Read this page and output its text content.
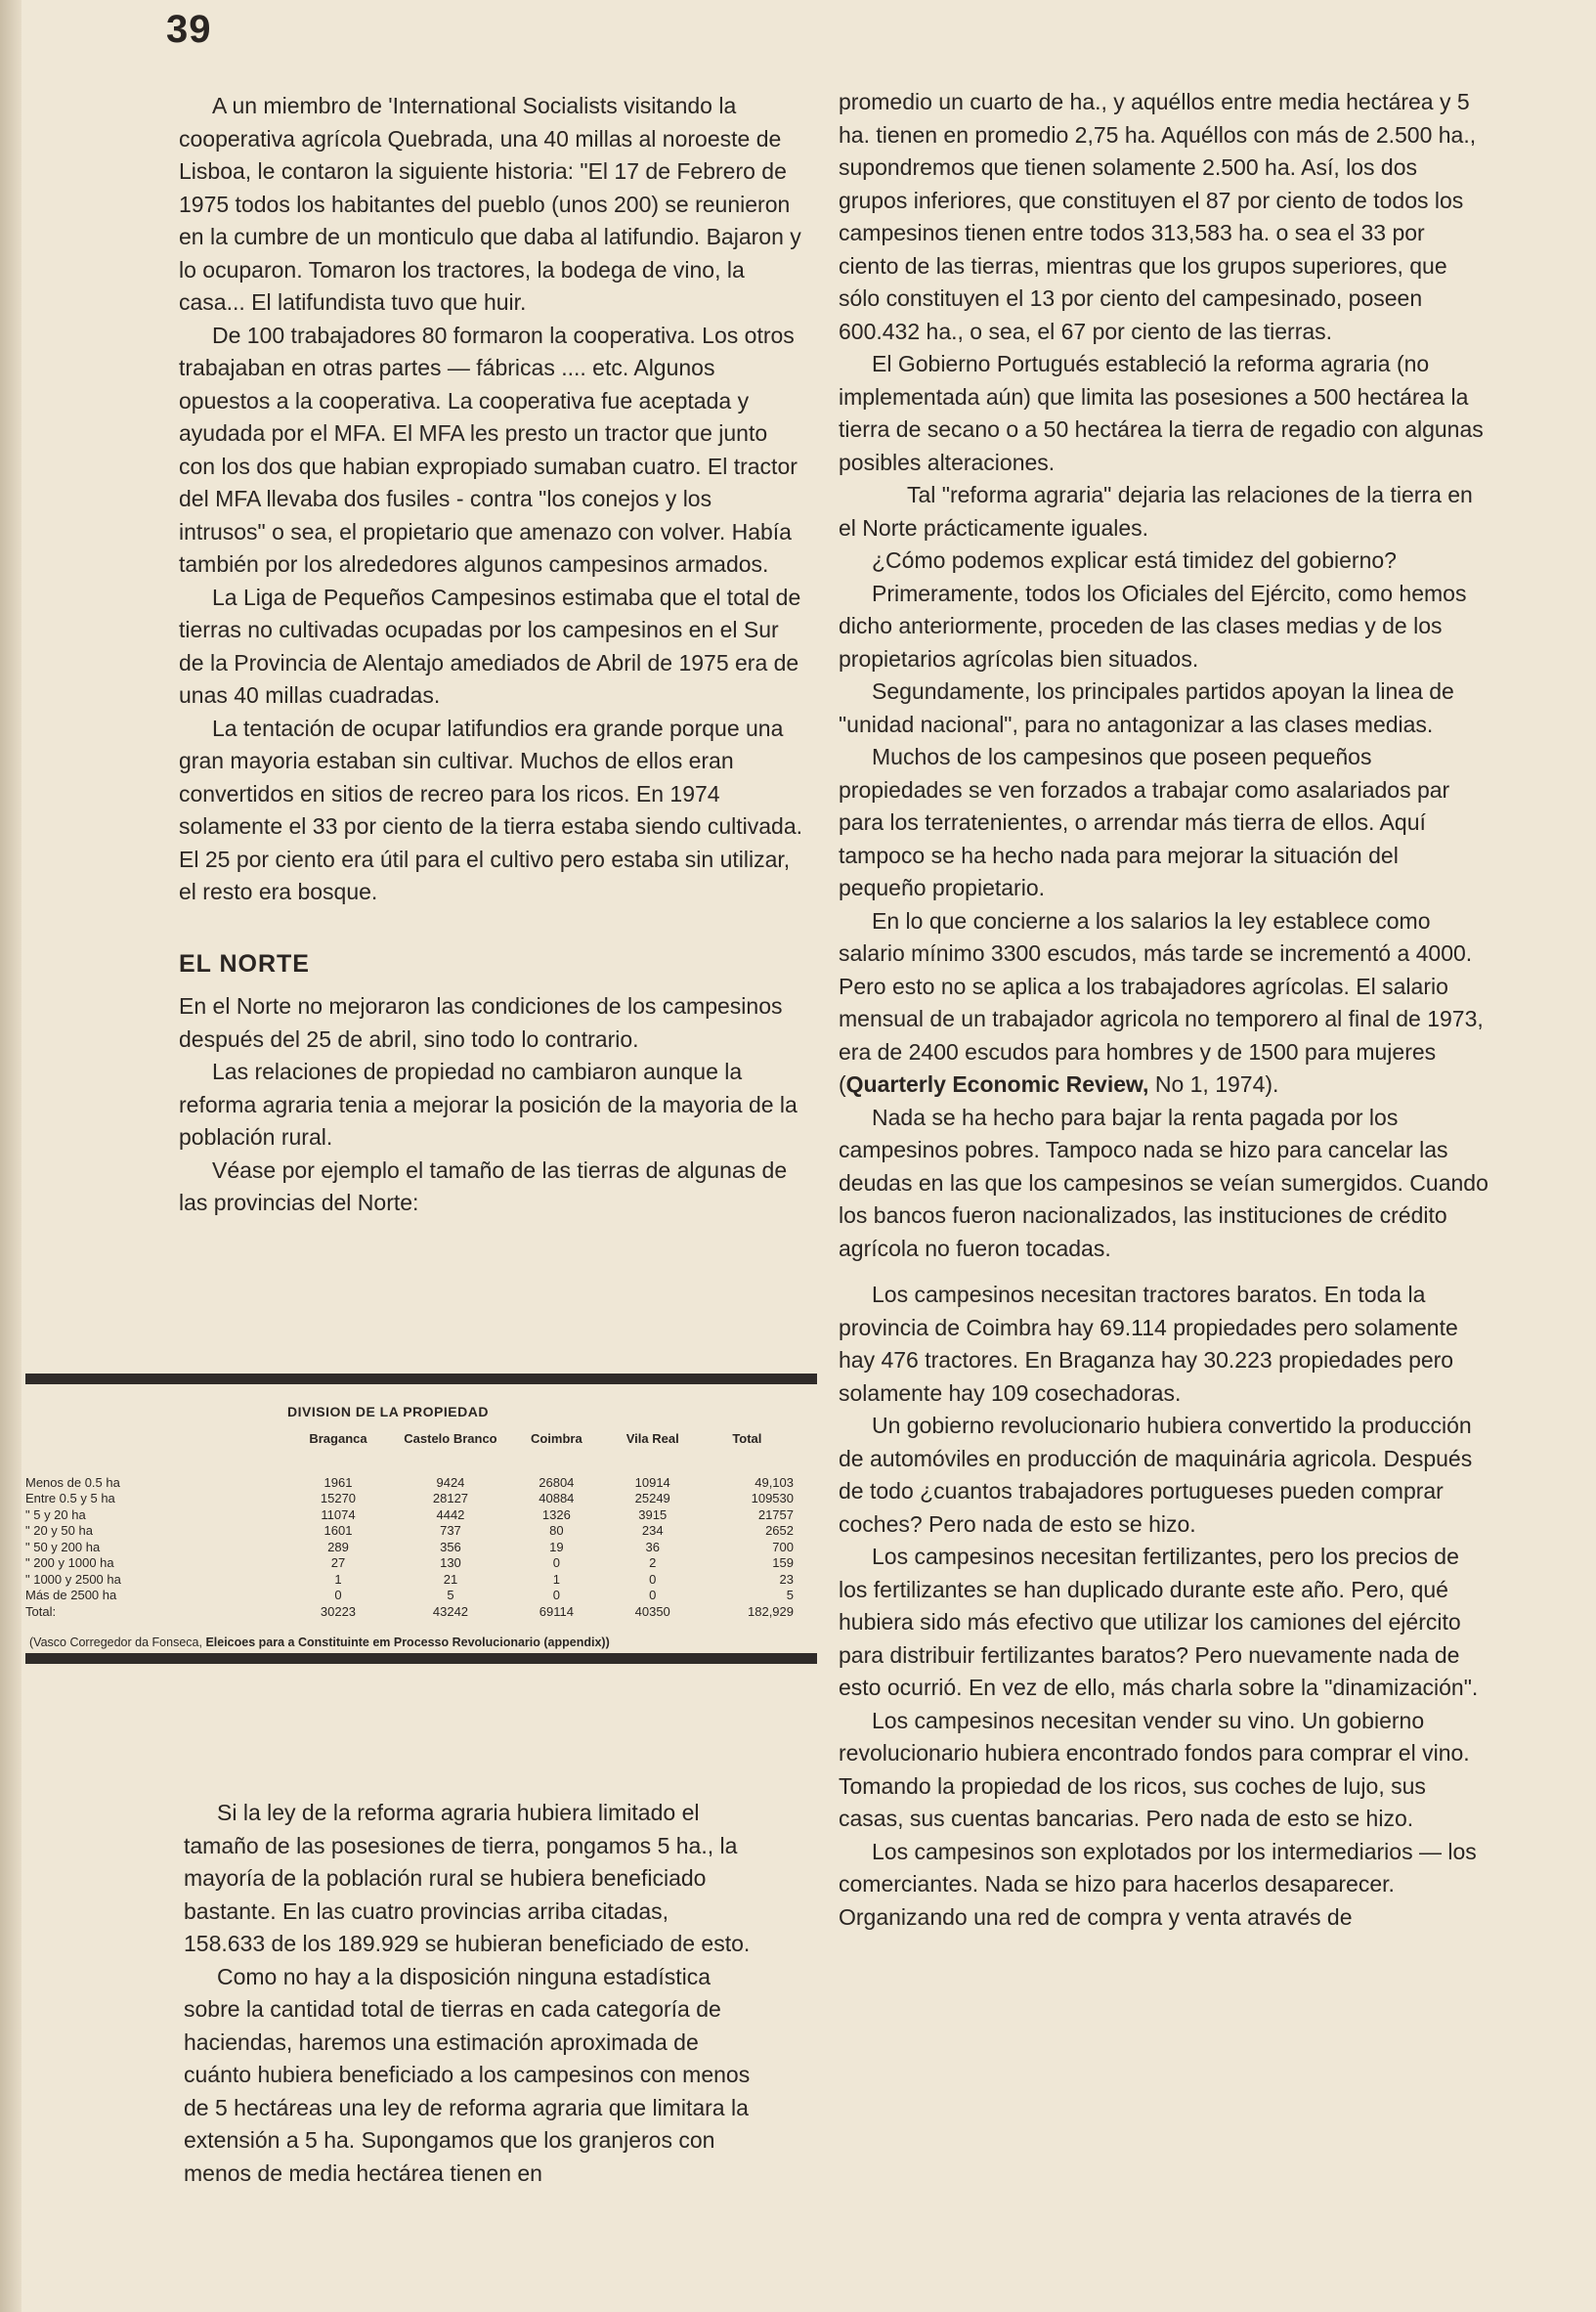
39

A un miembro de 'International Socialists visitando la cooperativa agrícola Quebrada, una 40 millas al noroeste de Lisboa, le contaron la siguiente historia: "El 17 de Febrero de 1975 todos los habitantes del pueblo (unos 200) se reunieron en la cumbre de un monticulo que daba al latifundio. Bajaron y lo ocuparon. Tomaron los tractores, la bodega de vino, la casa... El latifundista tuvo que huir.

De 100 trabajadores 80 formaron la cooperativa. Los otros trabajaban en otras partes — fábricas .... etc. Algunos opuestos a la cooperativa. La cooperativa fue aceptada y ayudada por el MFA. El MFA les presto un tractor que junto con los dos que habian expropiado sumaban cuatro. El tractor del MFA llevaba dos fusiles - contra "los conejos y los intrusos" o sea, el propietario que amenazo con volver. Había también por los alrededores algunos campesinos armados.

La Liga de Pequeños Campesinos estimaba que el total de tierras no cultivadas ocupadas por los campesinos en el Sur de la Provincia de Alentajo amediados de Abril de 1975 era de unas 40 millas cuadradas.

La tentación de ocupar latifundios era grande porque una gran mayoria estaban sin cultivar. Muchos de ellos eran convertidos en sitios de recreo para los ricos. En 1974 solamente el 33 por ciento de la tierra estaba siendo cultivada. El 25 por ciento era útil para el cultivo pero estaba sin utilizar, el resto era bosque.

EL NORTE

En el Norte no mejoraron las condiciones de los campesinos después del 25 de abril, sino todo lo contrario.

Las relaciones de propiedad no cambiaron aunque la reforma agraria tenia a mejorar la posición de la mayoria de la población rural.

Véase por ejemplo el tamaño de las tierras de algunas de las provincias del Norte:

DIVISION DE LA PROPIEDAD
	Braganca	Castelo Branco	Coimbra	Vila Real	Total
Menos de 0.5 ha	1961	9424	26804	10914	49,103
Entre 0.5 y 5 ha	15270	28127	40884	25249	109530
" 5 y 20 ha	11074	4442	1326	3915	21757
" 20 y 50 ha	1601	737	80	234	2652
" 50 y 200 ha	289	356	19	36	700
" 200 y 1000 ha	27	130	0	2	159
" 1000 y 2500 ha	1	21	1	0	23
Más de 2500 ha	0	5	0	0	5
Total:	30223	43242	69114	40350	182,929
(Vasco Corregedor da Fonseca, Eleicoes para a Constituinte em Processo Revolucionario (appendix))

Si la ley de la reforma agraria hubiera limitado el tamaño de las posesiones de tierra, pongamos 5 ha., la mayoría de la población rural se hubiera beneficiado bastante. En las cuatro provincias arriba citadas, 158.633 de los 189.929 se hubieran beneficiado de esto.

Como no hay a la disposición ninguna estadística sobre la cantidad total de tierras en cada categoría de haciendas, haremos una estimación aproximada de cuánto hubiera beneficiado a los campesinos con menos de 5 hectáreas una ley de reforma agraria que limitara la extensión a 5 ha. Supongamos que los granjeros con menos de media hectárea tienen en

promedio un cuarto de ha., y aquéllos entre media hectárea y 5 ha. tienen en promedio 2,75 ha. Aquéllos con más de 2.500 ha., supondremos que tienen solamente 2.500 ha. Así, los dos grupos inferiores, que constituyen el 87 por ciento de todos los campesinos tienen entre todos 313,583 ha. o sea el 33 por ciento de las tierras, mientras que los grupos superiores, que sólo constituyen el 13 por ciento del campesinado, poseen 600.432 ha., o sea, el 67 por ciento de las tierras.

El Gobierno Portugués estableció la reforma agraria (no implementada aún) que limita las posesiones a 500 hectárea la tierra de secano o a 50 hectárea la tierra de regadio con algunas posibles alteraciones.

Tal "reforma agraria" dejaria las relaciones de la tierra en el Norte prácticamente iguales.

¿Cómo podemos explicar está timidez del gobierno?

Primeramente, todos los Oficiales del Ejército, como hemos dicho anteriormente, proceden de las clases medias y de los propietarios agrícolas bien situados.

Segundamente, los principales partidos apoyan la linea de "unidad nacional", para no antagonizar a las clases medias.

Muchos de los campesinos que poseen pequeños propiedades se ven forzados a trabajar como asalariados par para los terratenientes, o arrendar más tierra de ellos. Aquí tampoco se ha hecho nada para mejorar la situación del pequeño propietario.

En lo que concierne a los salarios la ley establece como salario mínimo 3300 escudos, más tarde se incrementó a 4000. Pero esto no se aplica a los trabajadores agrícolas. El salario mensual de un trabajador agricola no temporero al final de 1973, era de 2400 escudos para hombres y de 1500 para mujeres (Quarterly Economic Review, No 1, 1974).

Nada se ha hecho para bajar la renta pagada por los campesinos pobres. Tampoco nada se hizo para cancelar las deudas en las que los campesinos se veían sumergidos. Cuando los bancos fueron nacionalizados, las instituciones de crédito agrícola no fueron tocadas.

Los campesinos necesitan tractores baratos. En toda la provincia de Coimbra hay 69.114 propiedades pero solamente hay 476 tractores. En Braganza hay 30.223 propiedades pero solamente hay 109 cosechadoras.

Un gobierno revolucionario hubiera convertido la producción de automóviles en producción de maquinária agricola. Después de todo ¿cuantos trabajadores portugueses pueden comprar coches? Pero nada de esto se hizo.

Los campesinos necesitan fertilizantes, pero los precios de los fertilizantes se han duplicado durante este año. Pero, qué hubiera sido más efectivo que utilizar los camiones del ejército para distribuir fertilizantes baratos? Pero nuevamente nada de esto ocurrió. En vez de ello, más charla sobre la "dinamización".

Los campesinos necesitan vender su vino. Un gobierno revolucionario hubiera encontrado fondos para comprar el vino. Tomando la propiedad de los ricos, sus coches de lujo, sus casas, sus cuentas bancarias. Pero nada de esto se hizo.

Los campesinos son explotados por los intermediarios — los comerciantes. Nada se hizo para hacerlos desaparecer. Organizando una red de compra y venta através de
